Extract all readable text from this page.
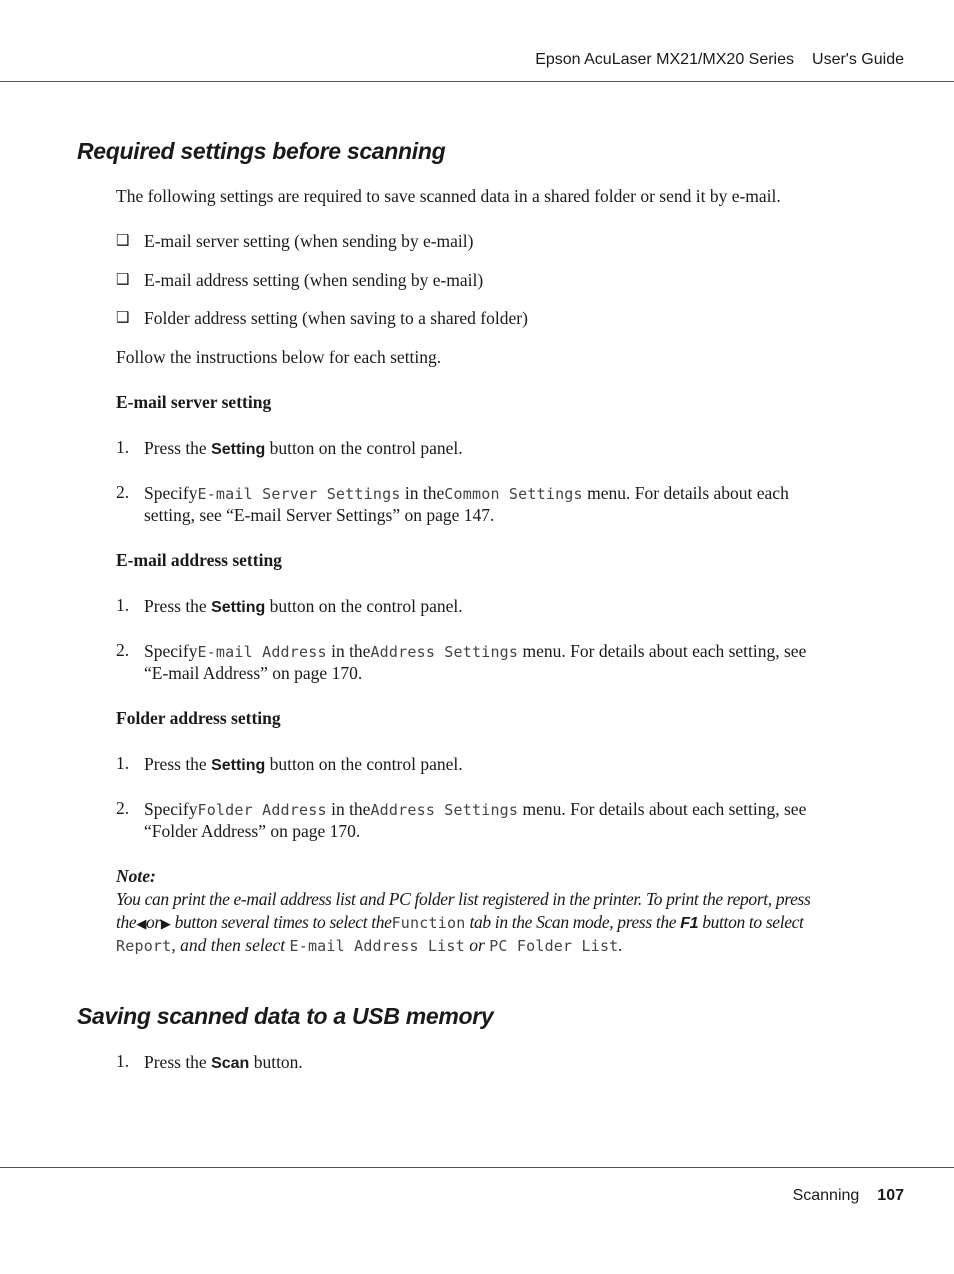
Epson AcuLaser MX21/MX20 Series User's Guide
Required settings before scanning

The following settings are required to save scanned data in a shared folder or send it by e-mail.

❑ E-mail server setting (when sending by e-mail)

❑ E-mail address setting (when sending by e-mail)

❑ Folder address setting (when saving to a shared folder)

Follow the instructions below for each setting.

E-mail server setting

1. Press the Setting button on the control panel.

2. SpecifyE-mail Server Settings in theCommon Settings menu. For details about each

setting, see “E-mail Server Settings” on page 147.

E-mail address setting

1. Press the Setting button on the control panel.

2. SpecifyE-mail Address in theAddress Settings menu. For details about each setting, see

“E-mail Address” on page 170.

Folder address setting

1. Press the Setting button on the control panel.

2. SpecifyFolder Address in theAddress Settings menu. For details about each setting, see

“Folder Address” on page 170.

Note:

You can print the e-mail address list and PC folder list registered in the printer. To print the report, press

the◀or▶ button several times to select theFunction tab in the Scan mode, press the F1 button to select

Report, and then select E-mail Address List or PC Folder List.

Saving scanned data to a USB memory
1. Press the Scan button.

Scanning 107
